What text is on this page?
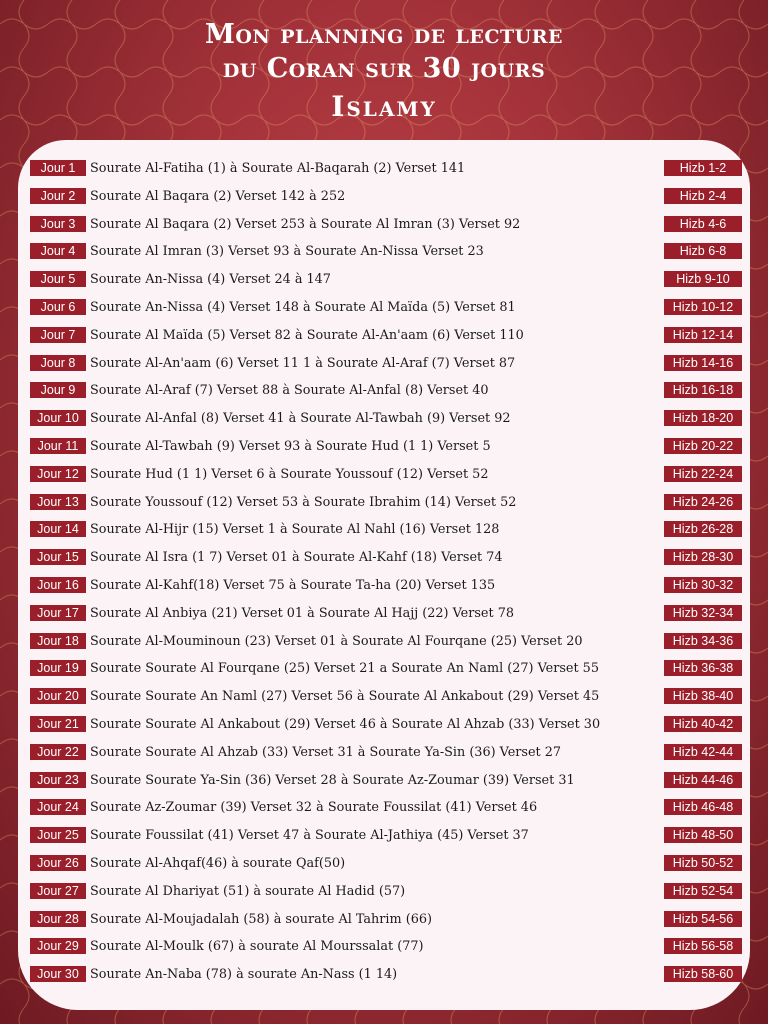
Mon planning de lecture
du Coran sur 30 jours
Islamy
Jour 1	Sourate Al-Fatiha (1) à Sourate Al-Baqarah (2) Verset 141	Hizb 1-2
Jour 2	Sourate Al Baqara (2) Verset 142 à 252	Hizb 2-4
Jour 3	Sourate Al Baqara (2) Verset 253 à Sourate Al Imran (3) Verset 92	Hizb 4-6
Jour 4	Sourate Al Imran (3) Verset 93 à Sourate An-Nissa Verset 23	Hizb 6-8
Jour 5	Sourate An-Nissa (4) Verset 24 à 147	Hizb 9-10
Jour 6	Sourate An-Nissa (4) Verset 148 à Sourate Al Maïda (5) Verset 81	Hizb 10-12
Jour 7	Sourate Al Maïda (5) Verset 82 à Sourate Al-An'aam (6) Verset 110	Hizb 12-14
Jour 8	Sourate Al-An'aam (6) Verset 11 1 à Sourate Al-Araf (7) Verset 87	Hizb 14-16
Jour 9	Sourate Al-Araf (7) Verset 88 à Sourate Al-Anfal (8) Verset 40	Hizb 16-18
Jour 10 Sourate Al-Anfal (8) Verset 41 à Sourate Al-Tawbah (9) Verset 92	Hizb 18-20
Jour 11 Sourate Al-Tawbah (9) Verset 93 à Sourate Hud (1 1) Verset 5	Hizb 20-22
Jour 12 Sourate Hud (1 1) Verset 6 à Sourate Youssouf (12) Verset 52	Hizb 22-24
Jour 13 Sourate Youssouf (12) Verset 53 à Sourate Ibrahim (14) Verset 52	Hizb 24-26
Jour 14 Sourate Al-Hijr (15) Verset 1 à Sourate Al Nahl (16) Verset 128	Hizb 26-28
Jour 15 Sourate Al Isra (1 7) Verset 01 à Sourate Al-Kahf (18) Verset 74	Hizb 28-30
Jour 16 Sourate Al-Kahf(18) Verset 75 à Sourate Ta-ha (20) Verset 135	Hizb 30-32
Jour 17 Sourate Al Anbiya (21) Verset 01 à Sourate Al Hajj (22) Verset 78	Hizb 32-34
Jour 18 Sourate Al-Mouminoun (23) Verset 01 à Sourate Al Fourqane (25) Verset 20	Hizb 34-36
Jour 19 Sourate Sourate Al Fourqane (25) Verset 21 a Sourate An Naml (27) Verset 55	Hizb 36-38
Jour 20 Sourate Sourate An Naml (27) Verset 56 à Sourate Al Ankabout (29) Verset 45	Hizb 38-40
Jour 21 Sourate Sourate Al Ankabout (29) Verset 46 à Sourate Al Ahzab (33) Verset 30	Hizb 40-42
Jour 22 Sourate Sourate Al Ahzab (33) Verset 31 à Sourate Ya-Sin (36) Verset 27	Hizb 42-44
Jour 23 Sourate Sourate Ya-Sin (36) Verset 28 à Sourate Az-Zoumar (39) Verset 31	Hizb 44-46
Jour 24 Sourate Az-Zoumar (39) Verset 32 à Sourate Foussilat (41) Verset 46	Hizb 46-48
Jour 25 Sourate Foussilat (41) Verset 47 à Sourate Al-Jathiya (45) Verset 37	Hizb 48-50
Jour 26 Sourate Al-Ahqaf(46) à sourate Qaf(50)	Hizb 50-52
Jour 27 Sourate Al Dhariyat (51) à sourate Al Hadid (57)	Hizb 52-54
Jour 28 Sourate Al-Moujadalah (58) à sourate Al Tahrim (66)	Hizb 54-56
Jour 29 Sourate Al-Moulk (67) à sourate Al Mourssalat (77)	Hizb 56-58
Jour 30 Sourate An-Naba (78) à sourate An-Nass (1 14)	Hizb 58-60
